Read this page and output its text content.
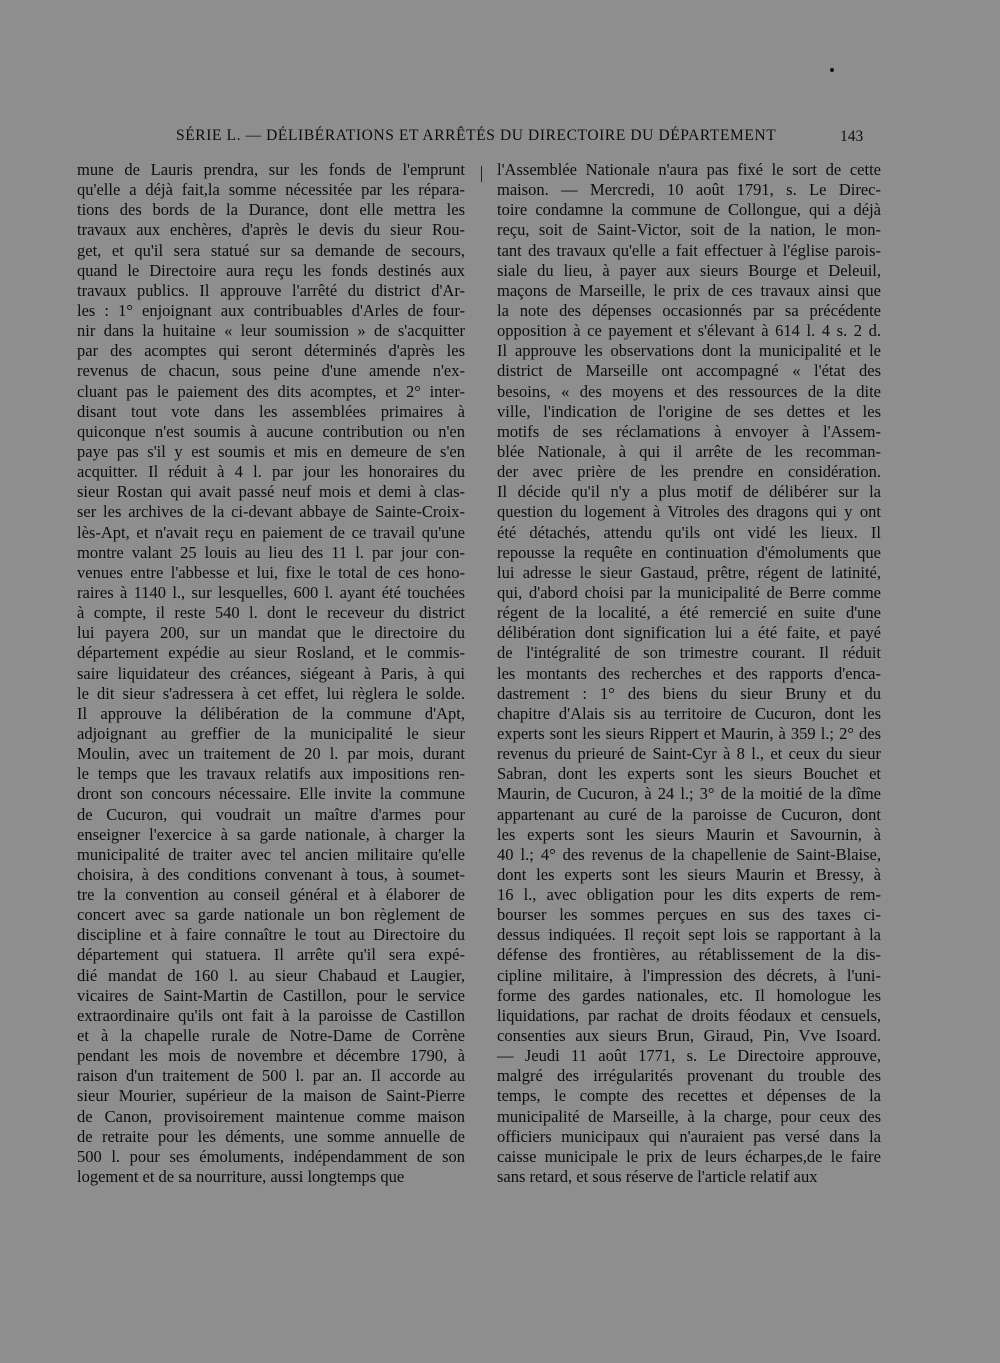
SÉRIE L. — DÉLIBÉRATIONS ET ARRÊTÉS DU DIRECTOIRE DU DÉPARTEMENT	143
mune de Lauris prendra, sur les fonds de l'emprunt
qu'elle a déjà fait,la somme nécessitée par les répara-
tions des bords de la Durance, dont elle mettra les
travaux aux enchères, d'après le devis du sieur Rou-
get, et qu'il sera statué sur sa demande de secours,
quand le Directoire aura reçu les fonds destinés aux
travaux publics. Il approuve l'arrêté du district d'Ar-
les : 1° enjoignant aux contribuables d'Arles de four-
nir dans la huitaine « leur soumission » de s'acquitter
par des acomptes qui seront déterminés d'après les
revenus de chacun, sous peine d'une amende n'ex-
cluant pas le paiement des dits acomptes, et 2° inter-
disant tout vote dans les assemblées primaires à
quiconque n'est soumis à aucune contribution ou n'en
paye pas s'il y est soumis et mis en demeure de s'en
acquitter. Il réduit à 4 l. par jour les honoraires du
sieur Rostan qui avait passé neuf mois et demi à clas-
ser les archives de la ci-devant abbaye de Sainte-Croix-
lès-Apt, et n'avait reçu en paiement de ce travail qu'une
montre valant 25 louis au lieu des 11 l. par jour con-
venues entre l'abbesse et lui, fixe le total de ces hono-
raires à 1140 l., sur lesquelles, 600 l. ayant été touchées
à compte, il reste 540 l. dont le receveur du district
lui payera 200, sur un mandat que le directoire du
département expédie au sieur Rosland, et le commis-
saire liquidateur des créances, siégeant à Paris, à qui
le dit sieur s'adressera à cet effet, lui règlera le solde.
Il approuve la délibération de la commune d'Apt,
adjoignant au greffier de la municipalité le sieur
Moulin, avec un traitement de 20 l. par mois, durant
le temps que les travaux relatifs aux impositions ren-
dront son concours nécessaire. Elle invite la commune
de Cucuron, qui voudrait un maître d'armes pour
enseigner l'exercice à sa garde nationale, à charger la
municipalité de traiter avec tel ancien militaire qu'elle
choisira, à des conditions convenant à tous, à soumet-
tre la convention au conseil général et à élaborer de
concert avec sa garde nationale un bon règlement de
discipline et à faire connaître le tout au Directoire du
département qui statuera. Il arrête qu'il sera expé-
dié mandat de 160 l. au sieur Chabaud et Laugier,
vicaires de Saint-Martin de Castillon, pour le service
extraordinaire qu'ils ont fait à la paroisse de Castillon
et à la chapelle rurale de Notre-Dame de Corrène
pendant les mois de novembre et décembre 1790, à
raison d'un traitement de 500 l. par an. Il accorde au
sieur Mourier, supérieur de la maison de Saint-Pierre
de Canon, provisoirement maintenue comme maison
de retraite pour les déments, une somme annuelle de
500 l. pour ses émoluments, indépendamment de son
logement et de sa nourriture, aussi longtemps que
l'Assemblée Nationale n'aura pas fixé le sort de cette
maison. — Mercredi, 10 août 1791, s. Le Direc-
toire condamne la commune de Collongue, qui a déjà
reçu, soit de Saint-Victor, soit de la nation, le mon-
tant des travaux qu'elle a fait effectuer à l'église parois-
siale du lieu, à payer aux sieurs Bourge et Deleuil,
maçons de Marseille, le prix de ces travaux ainsi que
la note des dépenses occasionnés par sa précédente
opposition à ce payement et s'élevant à 614 l. 4 s. 2 d.
Il approuve les observations dont la municipalité et le
district de Marseille ont accompagné « l'état des
besoins, « des moyens et des ressources de la dite
ville, l'indication de l'origine de ses dettes et les
motifs de ses réclamations à envoyer à l'Assem-
blée Nationale, à qui il arrête de les recomman-
der avec prière de les prendre en considération.
Il décide qu'il n'y a plus motif de délibérer sur la
question du logement à Vitroles des dragons qui y ont
été détachés, attendu qu'ils ont vidé les lieux. Il
repousse la requête en continuation d'émoluments que
lui adresse le sieur Gastaud, prêtre, régent de latinité,
qui, d'abord choisi par la municipalité de Berre comme
régent de la localité, a été remercié en suite d'une
délibération dont signification lui a été faite, et payé
de l'intégralité de son trimestre courant. Il réduit
les montants des recherches et des rapports d'enca-
dastrement : 1° des biens du sieur Bruny et du
chapitre d'Alais sis au territoire de Cucuron, dont les
experts sont les sieurs Rippert et Maurin, à 359 l.; 2° des
revenus du prieuré de Saint-Cyr à 8 l., et ceux du sieur
Sabran, dont les experts sont les sieurs Bouchet et
Maurin, de Cucuron, à 24 l.; 3° de la moitié de la dîme
appartenant au curé de la paroisse de Cucuron, dont
les experts sont les sieurs Maurin et Savournin, à
40 l.; 4° des revenus de la chapellenie de Saint-Blaise,
dont les experts sont les sieurs Maurin et Bressy, à
16 l., avec obligation pour les dits experts de rem-
bourser les sommes perçues en sus des taxes ci-
dessus indiquées. Il reçoit sept lois se rapportant à la
défense des frontières, au rétablissement de la dis-
cipline militaire, à l'impression des décrets, à l'uni-
forme des gardes nationales, etc. Il homologue les
liquidations, par rachat de droits féodaux et censuels,
consenties aux sieurs Brun, Giraud, Pin, Vve Isoard.
— Jeudi 11 août 1771, s. Le Directoire approuve,
malgré des irrégularités provenant du trouble des
temps, le compte des recettes et dépenses de la
municipalité de Marseille, à la charge, pour ceux des
officiers municipaux qui n'auraient pas versé dans la
caisse municipale le prix de leurs écharpes,de le faire
sans retard, et sous réserve de l'article relatif aux
